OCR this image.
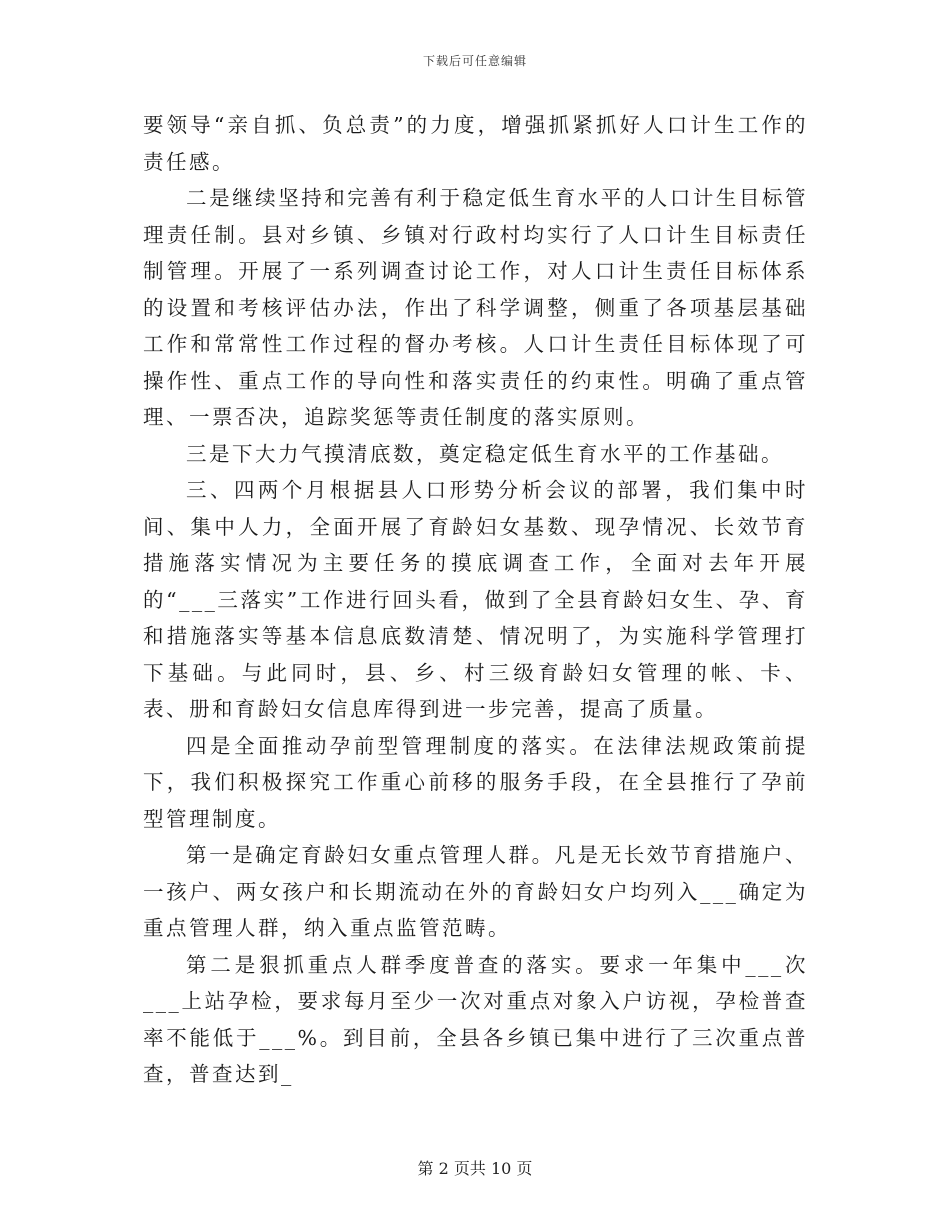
下载后可任意编辑

要领导“亲自抓、负总责”的力度，增强抓紧抓好人口计生工作的责任感。

二是继续坚持和完善有利于稳定低生育水平的人口计生目标管理责任制。县对乡镇、乡镇对行政村均实行了人口计生目标责任制管理。开展了一系列调查讨论工作，对人口计生责任目标体系的设置和考核评估办法，作出了科学调整，侧重了各项基层基础工作和常常性工作过程的督办考核。人口计生责任目标体现了可操作性、重点工作的导向性和落实责任的约束性。明确了重点管理、一票否决，追踪奖惩等责任制度的落实原则。

三是下大力气摸清底数，奠定稳定低生育水平的工作基础。

三、四两个月根据县人口形势分析会议的部署，我们集中时间、集中人力，全面开展了育龄妇女基数、现孕情况、长效节育措施落实情况为主要任务的摸底调查工作，全面对去年开展的“___三落实”工作进行回头看，做到了全县育龄妇女生、孕、育和措施落实等基本信息底数清楚、情况明了，为实施科学管理打下基础。与此同时，县、乡、村三级育龄妇女管理的帐、卡、表、册和育龄妇女信息库得到进一步完善，提高了质量。

四是全面推动孕前型管理制度的落实。在法律法规政策前提下，我们积极探究工作重心前移的服务手段，在全县推行了孕前型管理制度。

第一是确定育龄妇女重点管理人群。凡是无长效节育措施户、一孩户、两女孩户和长期流动在外的育龄妇女户均列入___确定为重点管理人群，纳入重点监管范畴。

第二是狠抓重点人群季度普查的落实。要求一年集中___次___上站孕检，要求每月至少一次对重点对象入户访视，孕检普查率不能低于___%。到目前，全县各乡镇已集中进行了三次重点普查，普查达到_

第 2 页共 10 页
